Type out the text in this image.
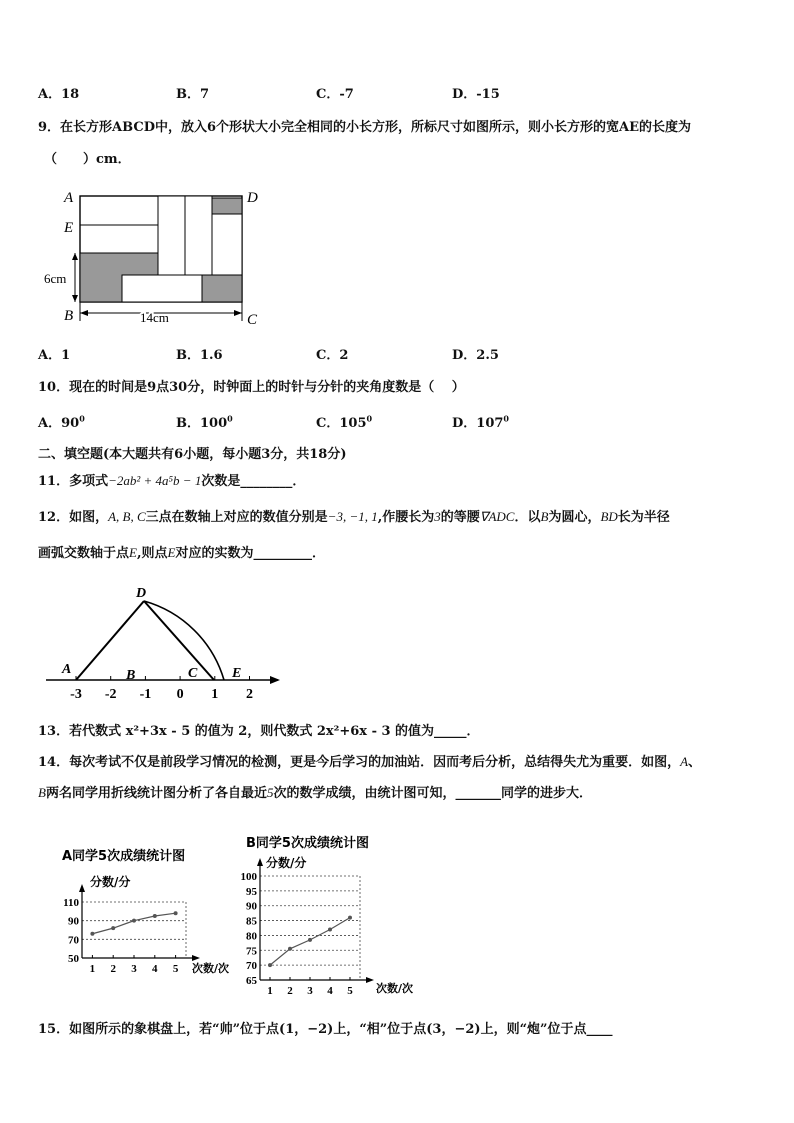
A．18	B．7	C．-7	D．-15
9．在长方形ABCD中，放入6个形状大小完全相同的小长方形，所标尺寸如图所示，则小长方形的宽AE的长度为
（　　）cm．
A
E
B
D
C
6cm
14cm
A．1	B．1.6	C．2	D．2.5
10．现在的时间是9点30分，时钟面上的时针与分针的夹角度数是（　 ）
A．$90^0$	B．$100^0$	C．$105^0$	D．$107^0$
二、填空题(本大题共有6小题，每小题3分，共18分)
11．多项式−2ab² + 4a⁵b − 1次数是________．
12．如图，A, B, C三点在数轴上对应的数值分别是−3, −1, 1,作腰长为3的等腰∇ADC．以B为圆心，BD长为半径
画弧交数轴于点E,则点E对应的实数为_________．
D
A	B	C E
-3 -2 -1 0 1 2
13．若代数式 x²+3x - 5 的值为 2，则代数式 2x²+6x - 3 的值为_____．
14．每次考试不仅是前段学习情况的检测，更是今后学习的加油站．因而考后分析，总结得失尤为重要．如图，A、
B两名同学用折线统计图分析了各自最近5次的数学成绩，由统计图可知，_______同学的进步大．
A同学5次成绩统计图
50
70
90
110
1 2 3 4 5
分数/分
次数/次
B同学5次成绩统计图
65
70
75
80
85
90
95
100
1 2 3 4 5
分数/分
次数/次
15．如图所示的象棋盘上，若“帅”位于点(1，−2)上，“相”位于点(3，−2)上，则“炮”位于点____
